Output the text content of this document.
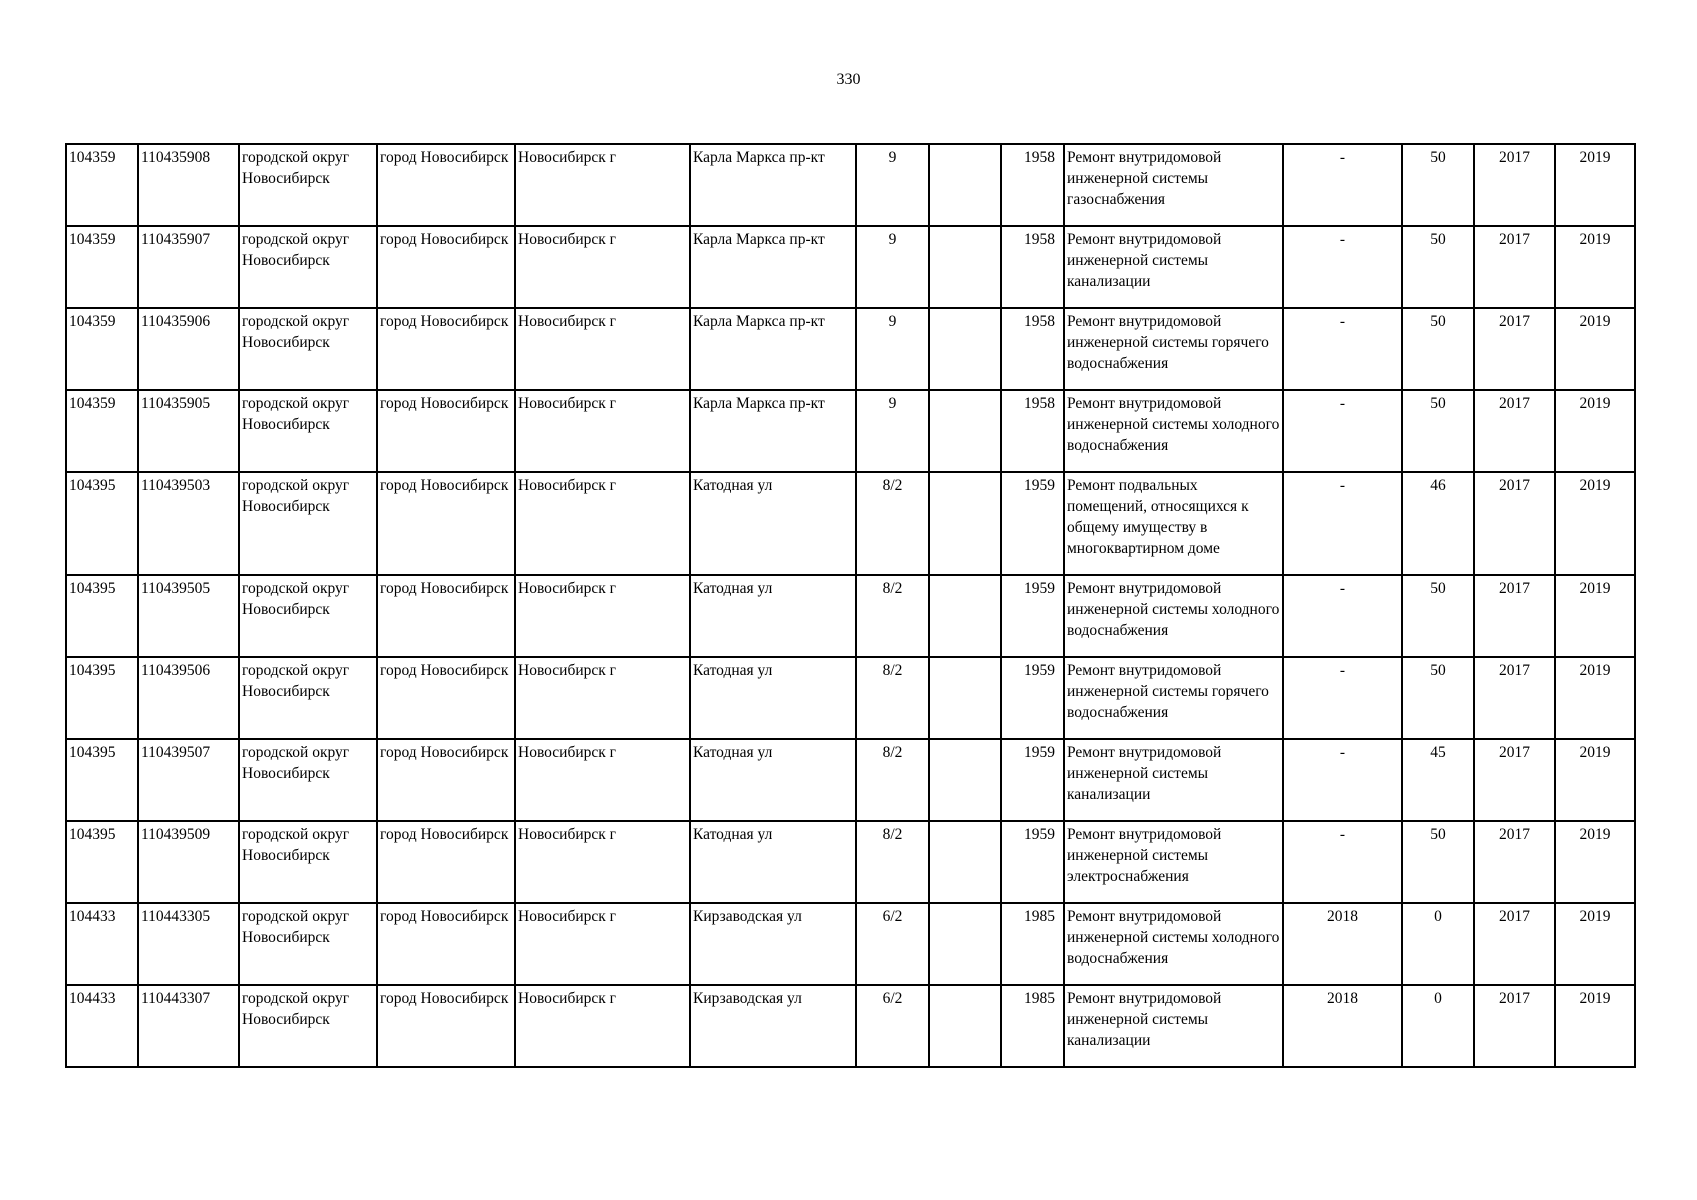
330
104359	110435908	городской округ Новосибирск	город Новосибирск	Новосибирск г	Карла Маркса пр-кт	9		1958	Ремонт внутридомовой инженерной системы газоснабжения	-	50	2017	2019
104359	110435907	городской округ Новосибирск	город Новосибирск	Новосибирск г	Карла Маркса пр-кт	9		1958	Ремонт внутридомовой инженерной системы канализации	-	50	2017	2019
104359	110435906	городской округ Новосибирск	город Новосибирск	Новосибирск г	Карла Маркса пр-кт	9		1958	Ремонт внутридомовой инженерной системы горячего водоснабжения	-	50	2017	2019
104359	110435905	городской округ Новосибирск	город Новосибирск	Новосибирск г	Карла Маркса пр-кт	9		1958	Ремонт внутридомовой инженерной системы холодного водоснабжения	-	50	2017	2019
104395	110439503	городской округ Новосибирск	город Новосибирск	Новосибирск г	Катодная ул	8/2		1959	Ремонт подвальных помещений, относящихся к общему имуществу в многоквартирном доме	-	46	2017	2019
104395	110439505	городской округ Новосибирск	город Новосибирск	Новосибирск г	Катодная ул	8/2		1959	Ремонт внутридомовой инженерной системы холодного водоснабжения	-	50	2017	2019
104395	110439506	городской округ Новосибирск	город Новосибирск	Новосибирск г	Катодная ул	8/2		1959	Ремонт внутридомовой инженерной системы горячего водоснабжения	-	50	2017	2019
104395	110439507	городской округ Новосибирск	город Новосибирск	Новосибирск г	Катодная ул	8/2		1959	Ремонт внутридомовой инженерной системы канализации	-	45	2017	2019
104395	110439509	городской округ Новосибирск	город Новосибирск	Новосибирск г	Катодная ул	8/2		1959	Ремонт внутридомовой инженерной системы электроснабжения	-	50	2017	2019
104433	110443305	городской округ Новосибирск	город Новосибирск	Новосибирск г	Кирзаводская ул	6/2		1985	Ремонт внутридомовой инженерной системы холодного водоснабжения	2018	0	2017	2019
104433	110443307	городской округ Новосибирск	город Новосибирск	Новосибирск г	Кирзаводская ул	6/2		1985	Ремонт внутридомовой инженерной системы канализации	2018	0	2017	2019
